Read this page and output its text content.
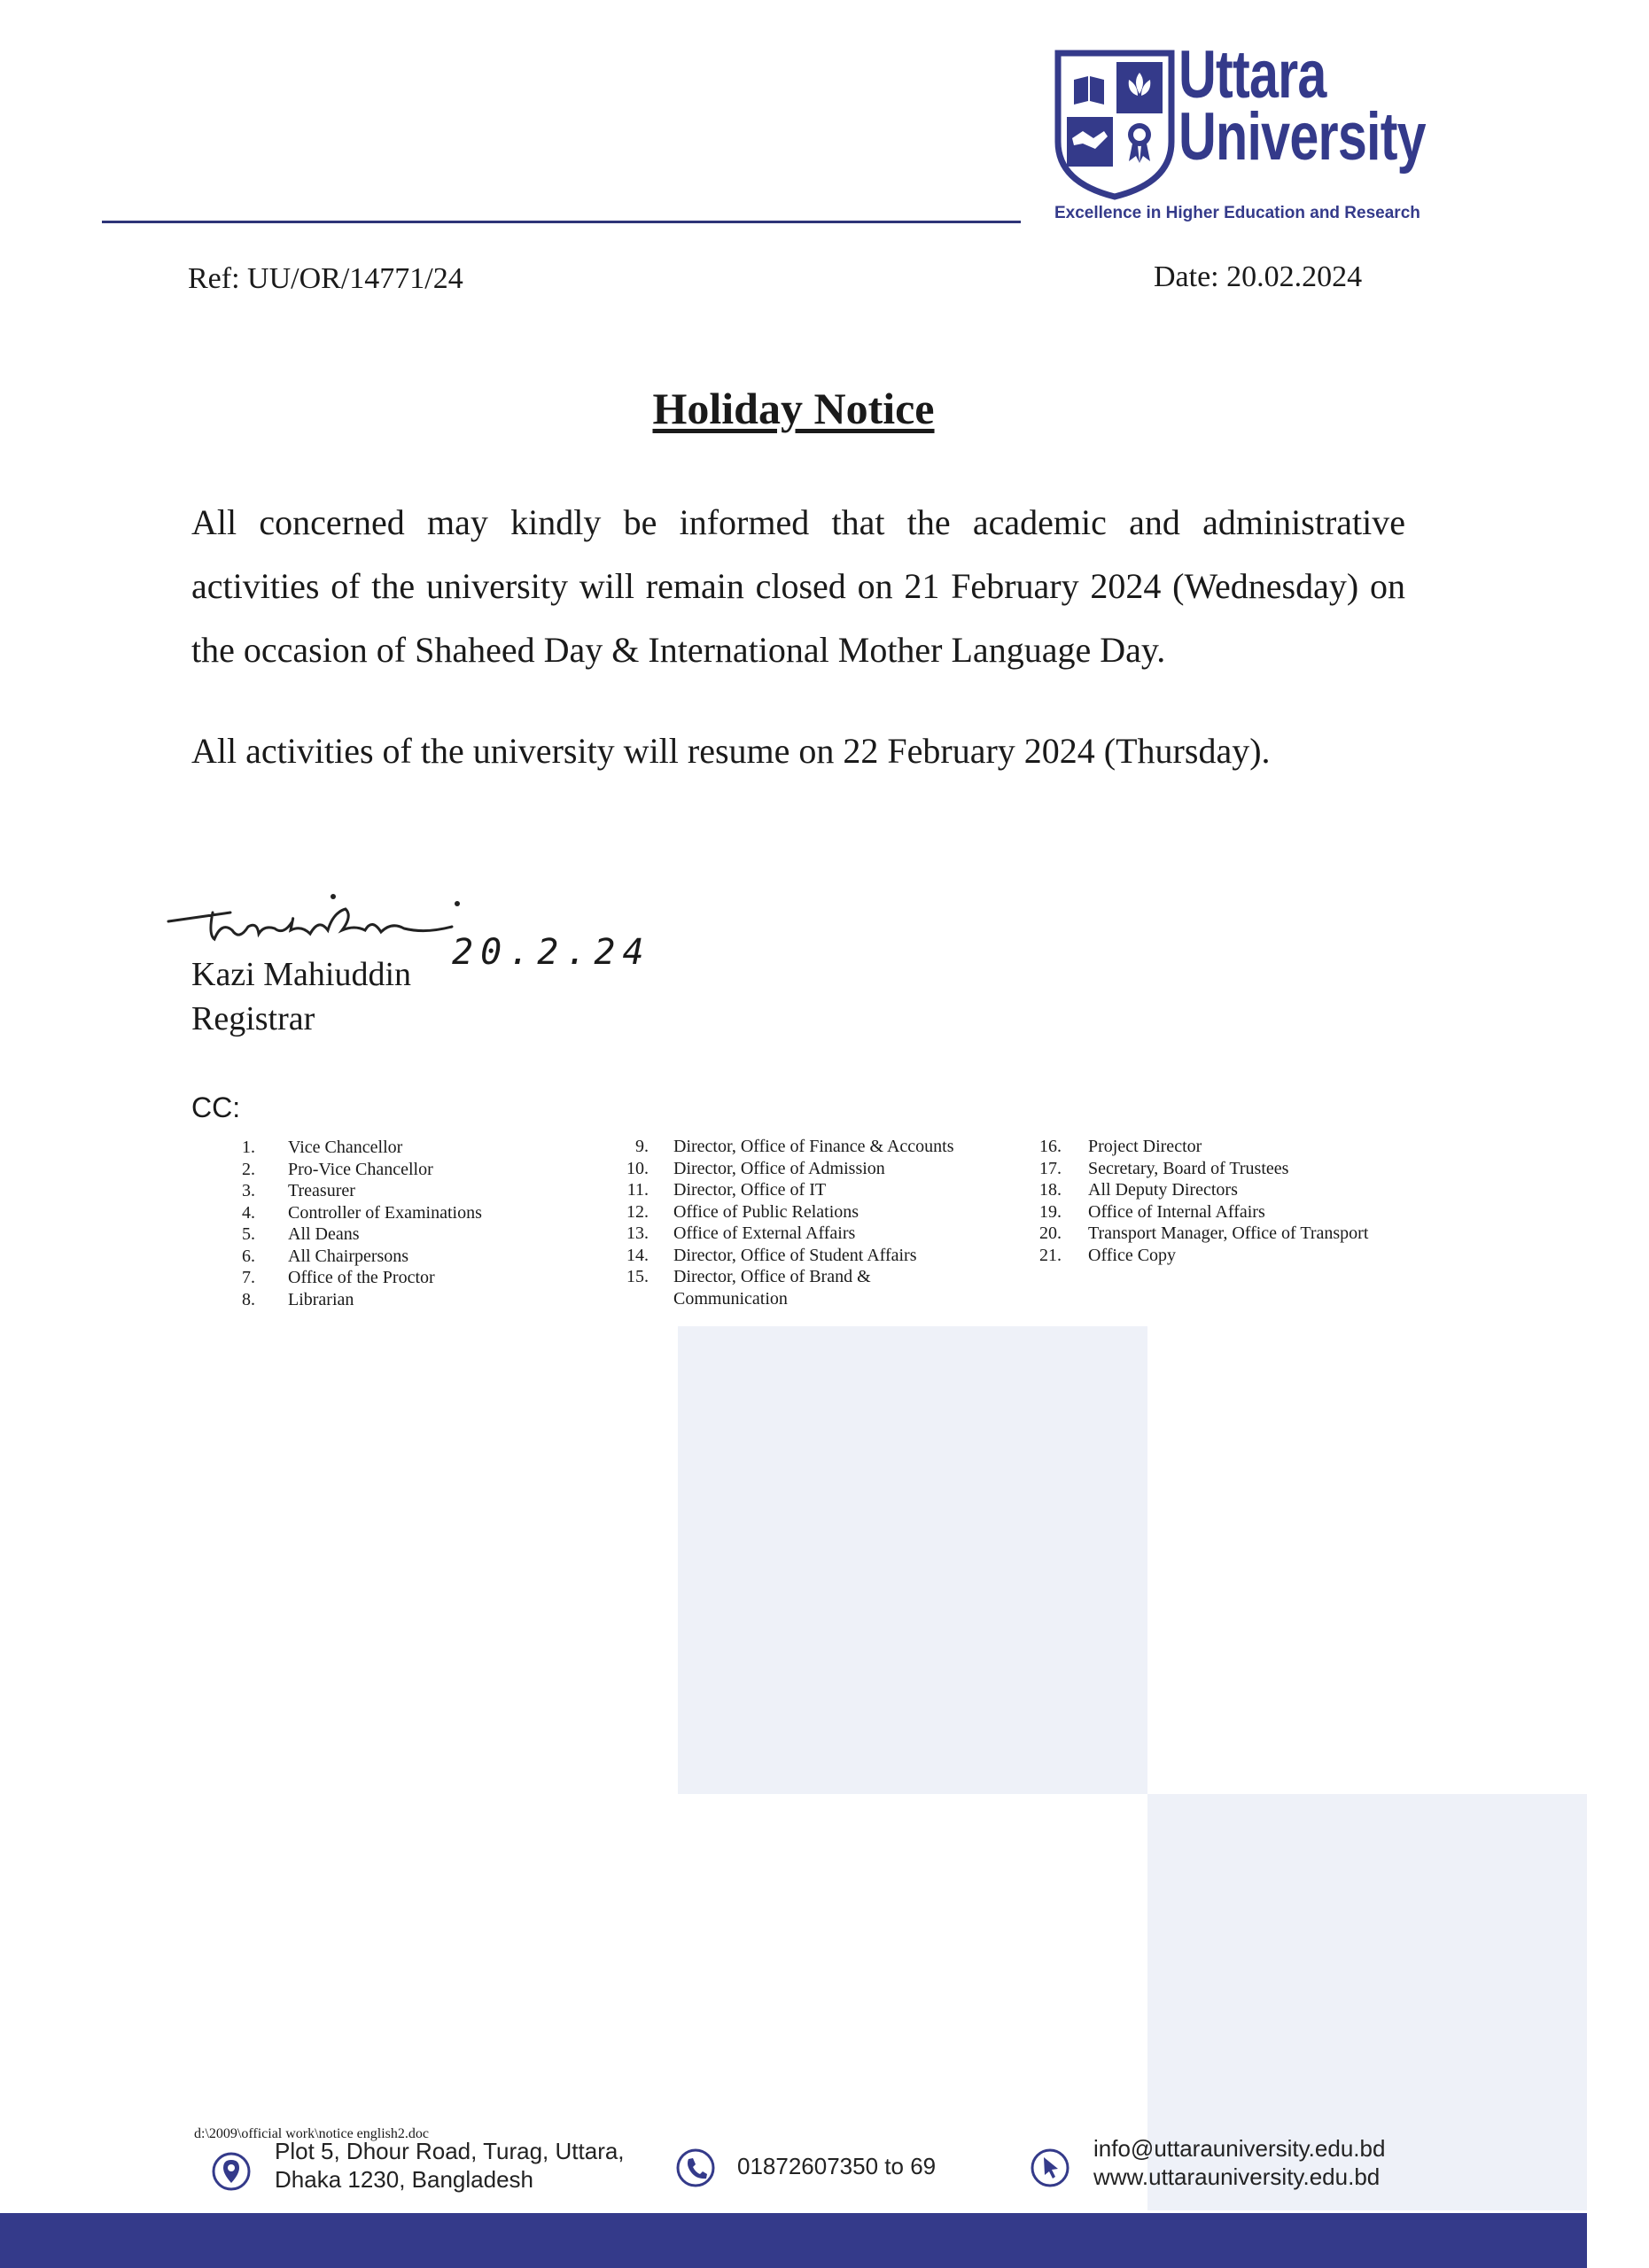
Uttara
University
Excellence in Higher Education and Research
Ref: UU/OR/14771/24	Date: 20.02.2024
Holiday Notice
All concerned may kindly be informed that the academic and administrative activities of the university will remain closed on 21 February 2024 (Wednesday) on the occasion of Shaheed Day & International Mother Language Day.
All activities of the university will resume on 22 February 2024 (Thursday).
20.2.24
Kazi Mahiuddin
Registrar
CC:
1. Vice Chancellor
2. Pro-Vice Chancellor
3. Treasurer
4. Controller of Examinations
5. All Deans
6. All Chairpersons
7. Office of the Proctor
8. Librarian
9. Director, Office of Finance & Accounts
10. Director, Office of Admission
11. Director, Office of IT
12. Office of Public Relations
13. Office of External Affairs
14. Director, Office of Student Affairs
15. Director, Office of Brand &
Communication
16. Project Director
17. Secretary, Board of Trustees
18. All Deputy Directors
19. Office of Internal Affairs
20. Transport Manager, Office of Transport
21. Office Copy
d:\2009\official work\notice english2.doc
Plot 5, Dhour Road, Turag, Uttara,
Dhaka 1230, Bangladesh	01872607350 to 69
info@uttarauniversity.edu.bd
www.uttarauniversity.edu.bd
